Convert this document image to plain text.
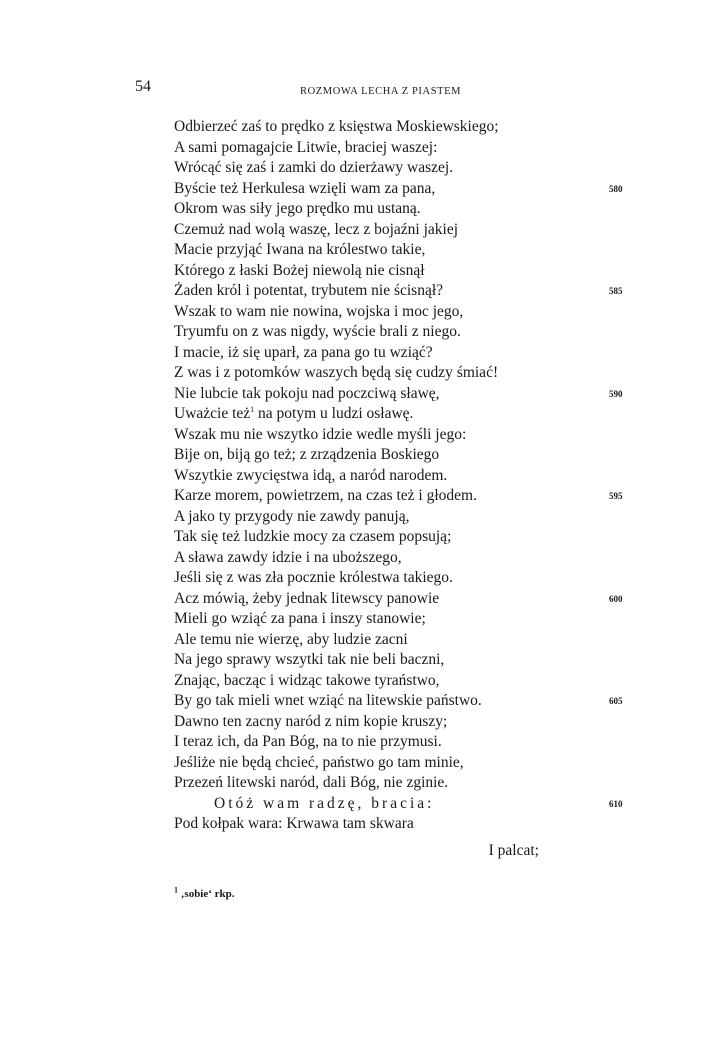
54	ROZMOWA LECHA Z PIASTEM
Odbierzeć zaś to prędko z księstwa Moskiewskiego;
A sami pomagajcie Litwie, braciej waszej:
Wrócąć się zaś i zamki do dzierżawy waszej.
Byście też Herkulesa wzięli wam za pana,	580
Okrom was siły jego prędko mu ustaną.
Czemuż nad wolą waszę, lecz z bojaźni jakiej
Macie przyjąć Iwana na królestwo takie,
Którego z łaski Bożej niewolą nie cisnął
Żaden król i potentat, trybutem nie ścisnął?	585
Wszak to wam nie nowina, wojska i moc jego,
Tryumfu on z was nigdy, wyście brali z niego.
I macie, iż się uparł, za pana go tu wziąć?
Z was i z potomków waszych będą się cudzy śmiać!
Nie lubcie tak pokoju nad poczciwą sławę,	590
Uważcie też$^1$ na potym u ludzi osławę.
Wszak mu nie wszytko idzie wedle myśli jego:
Bije on, biją go też; z zrządzenia Boskiego
Wszytkie zwycięstwa idą, a naród narodem.
Karze morem, powietrzem, na czas też i głodem.	595
A jako ty przygody nie zawdy panują,
Tak się też ludzkie mocy za czasem popsują;
A sława zawdy idzie i na uboższego,
Jeśli się z was zła pocznie królestwa takiego.
Acz mówią, żeby jednak litewscy panowie	600
Mieli go wziąć za pana i inszy stanowie;
Ale temu nie wierzę, aby ludzie zacni
Na jego sprawy wszytki tak nie beli baczni,
Znając, bacząc i widząc takowe tyraństwo,
By go tak mieli wnet wziąć na litewskie państwo.	605
Dawno ten zacny naród z nim kopie kruszy;
I teraz ich, da Pan Bóg, na to nie przymusi.
Jeśliże nie będą chcieć, państwo go tam minie,
Przezeń litewski naród, dali Bóg, nie zginie.
Otóż wam radzę, bracia:	610
Pod kołpak wara: Krwawa tam skwara
I palcat;
$^1$ ‚sobie‘ rkp.
